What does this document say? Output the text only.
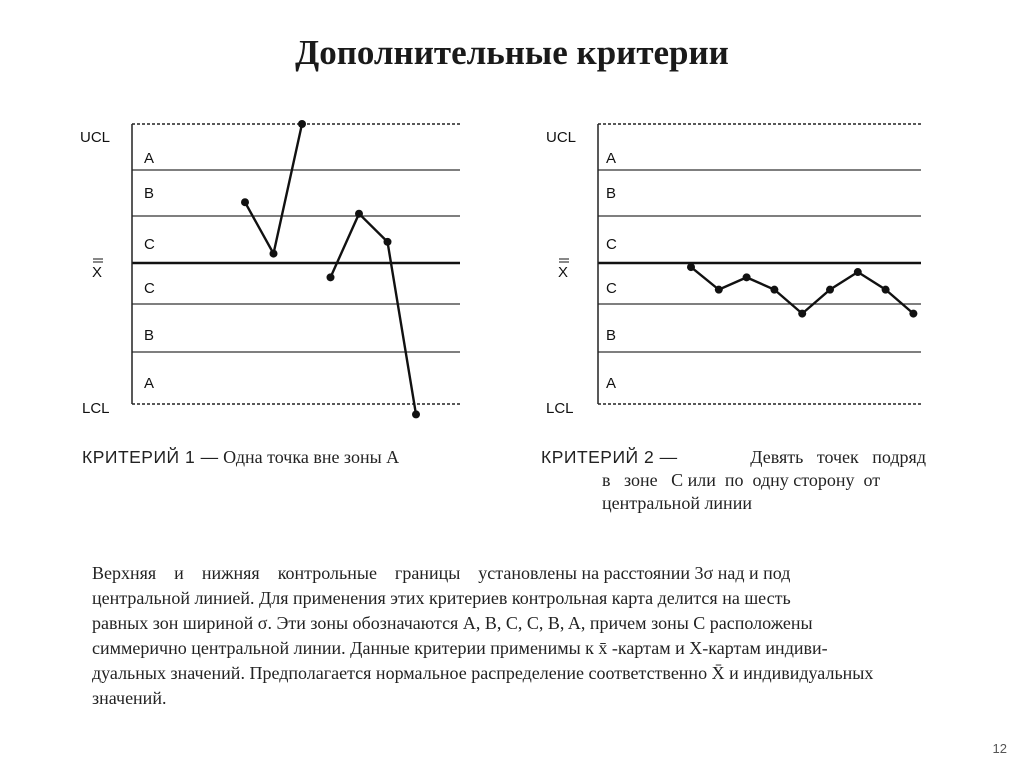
Дополнительные критерии
UCL
X
LCL
A
B
C
C
B
A
UCL
X
LCL
A
B
C
C
B
A
КРИТЕРИЙ 1 — Одна точка вне зоны А	КРИТЕРИЙ 2 —	Девять   точек   подряд
в   зоне   С или  по  одну сторону  от
центральной линии

Верхняя    и    нижняя    контрольные    границы    установлены на расстоянии 3σ над и под

центральной линией. Для применения этих критериев контрольная карта делится на шесть

равных зон шириной σ. Эти зоны обозначаются A, B, C, C, B, A, причем зоны С расположены

симмерично центральной линии. Данные критерии применимы к x̄ -картам и X-картам индиви-

дуальных значений. Предполагается нормальное распределение соответственно X̄ и индивидуальных

значений.

12
